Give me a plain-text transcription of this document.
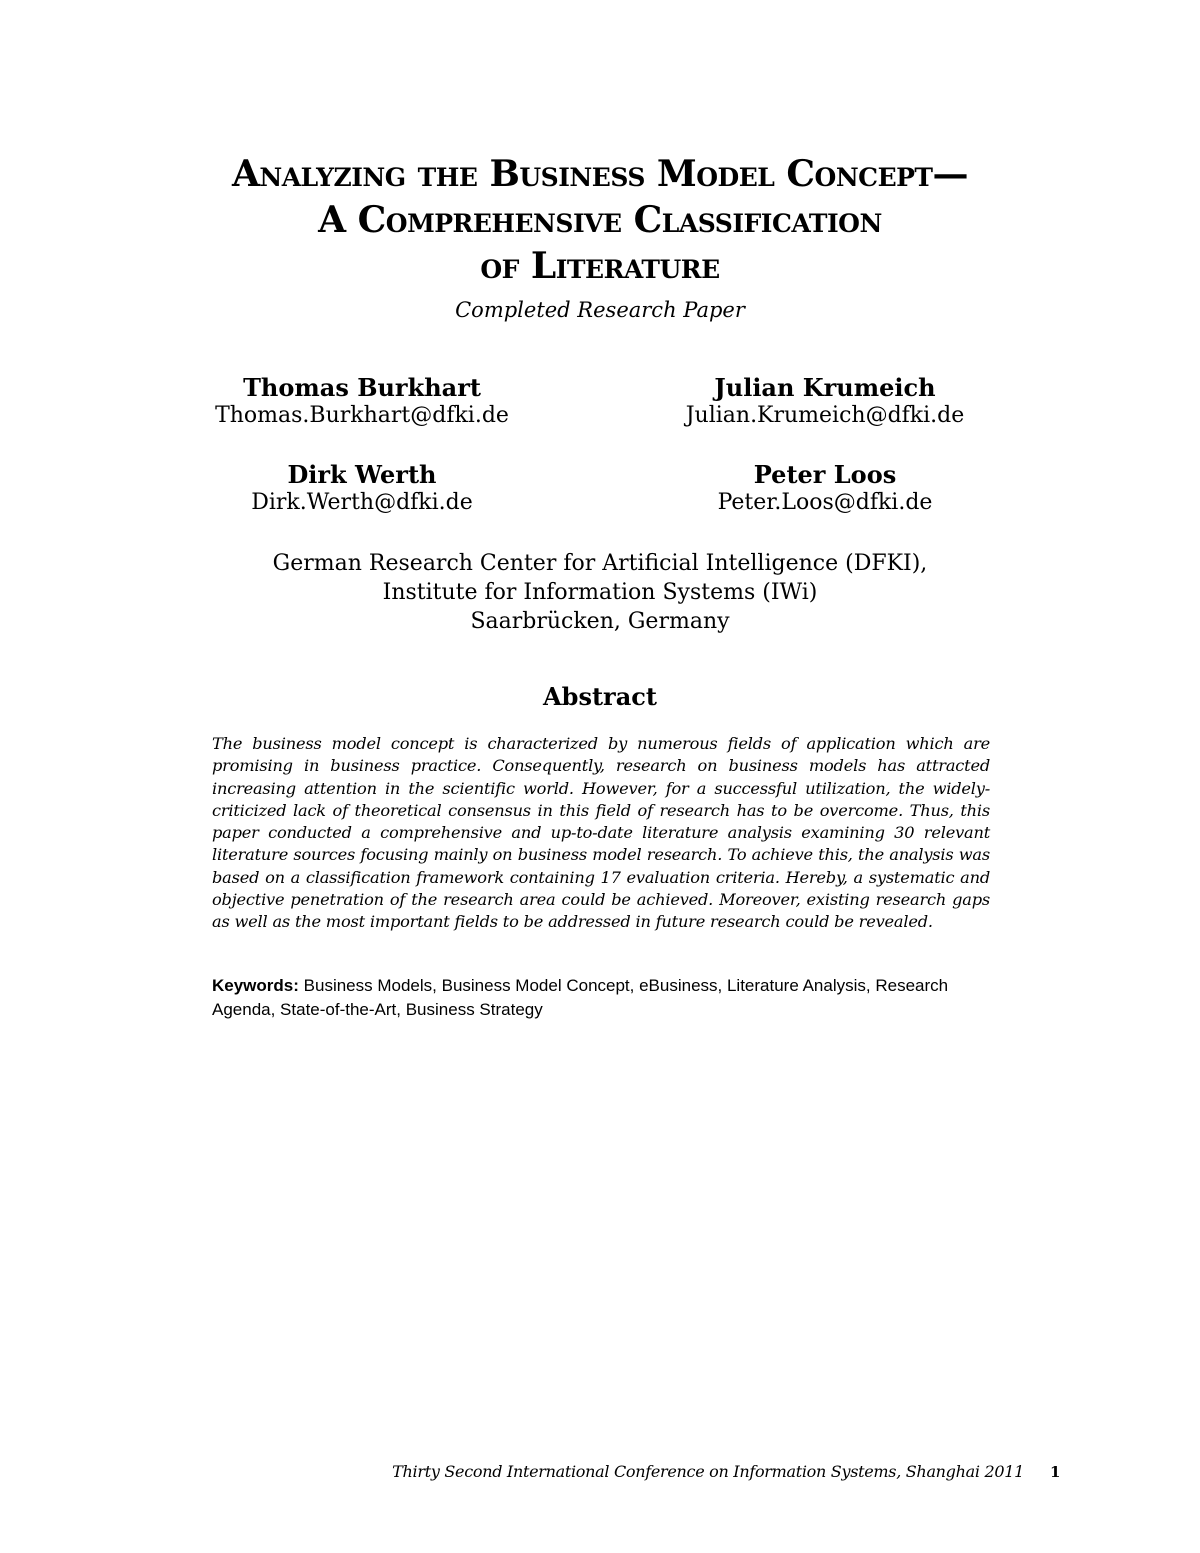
Analyzing the Business Model Concept—
A Comprehensive Classification
of Literature
Completed Research Paper
Thomas Burkhart
Thomas.Burkhart@dfki.de
Julian Krumeich
Julian.Krumeich@dfki.de
Dirk Werth
Dirk.Werth@dfki.de
Peter Loos
Peter.Loos@dfki.de
German Research Center for Artificial Intelligence (DFKI),
Institute for Information Systems (IWi)
Saarbrücken, Germany
Abstract
The business model concept is characterized by numerous fields of application which are promising in business practice. Consequently, research on business models has attracted increasing attention in the scientific world. However, for a successful utilization, the widely-criticized lack of theoretical consensus in this field of research has to be overcome. Thus, this paper conducted a comprehensive and up-to-date literature analysis examining 30 relevant literature sources focusing mainly on business model research. To achieve this, the analysis was based on a classification framework containing 17 evaluation criteria. Hereby, a systematic and objective penetration of the research area could be achieved. Moreover, existing research gaps as well as the most important fields to be addressed in future research could be revealed.
Keywords: Business Models, Business Model Concept, eBusiness, Literature Analysis, Research Agenda, State-of-the-Art, Business Strategy
Thirty Second International Conference on Information Systems, Shanghai 2011 1
